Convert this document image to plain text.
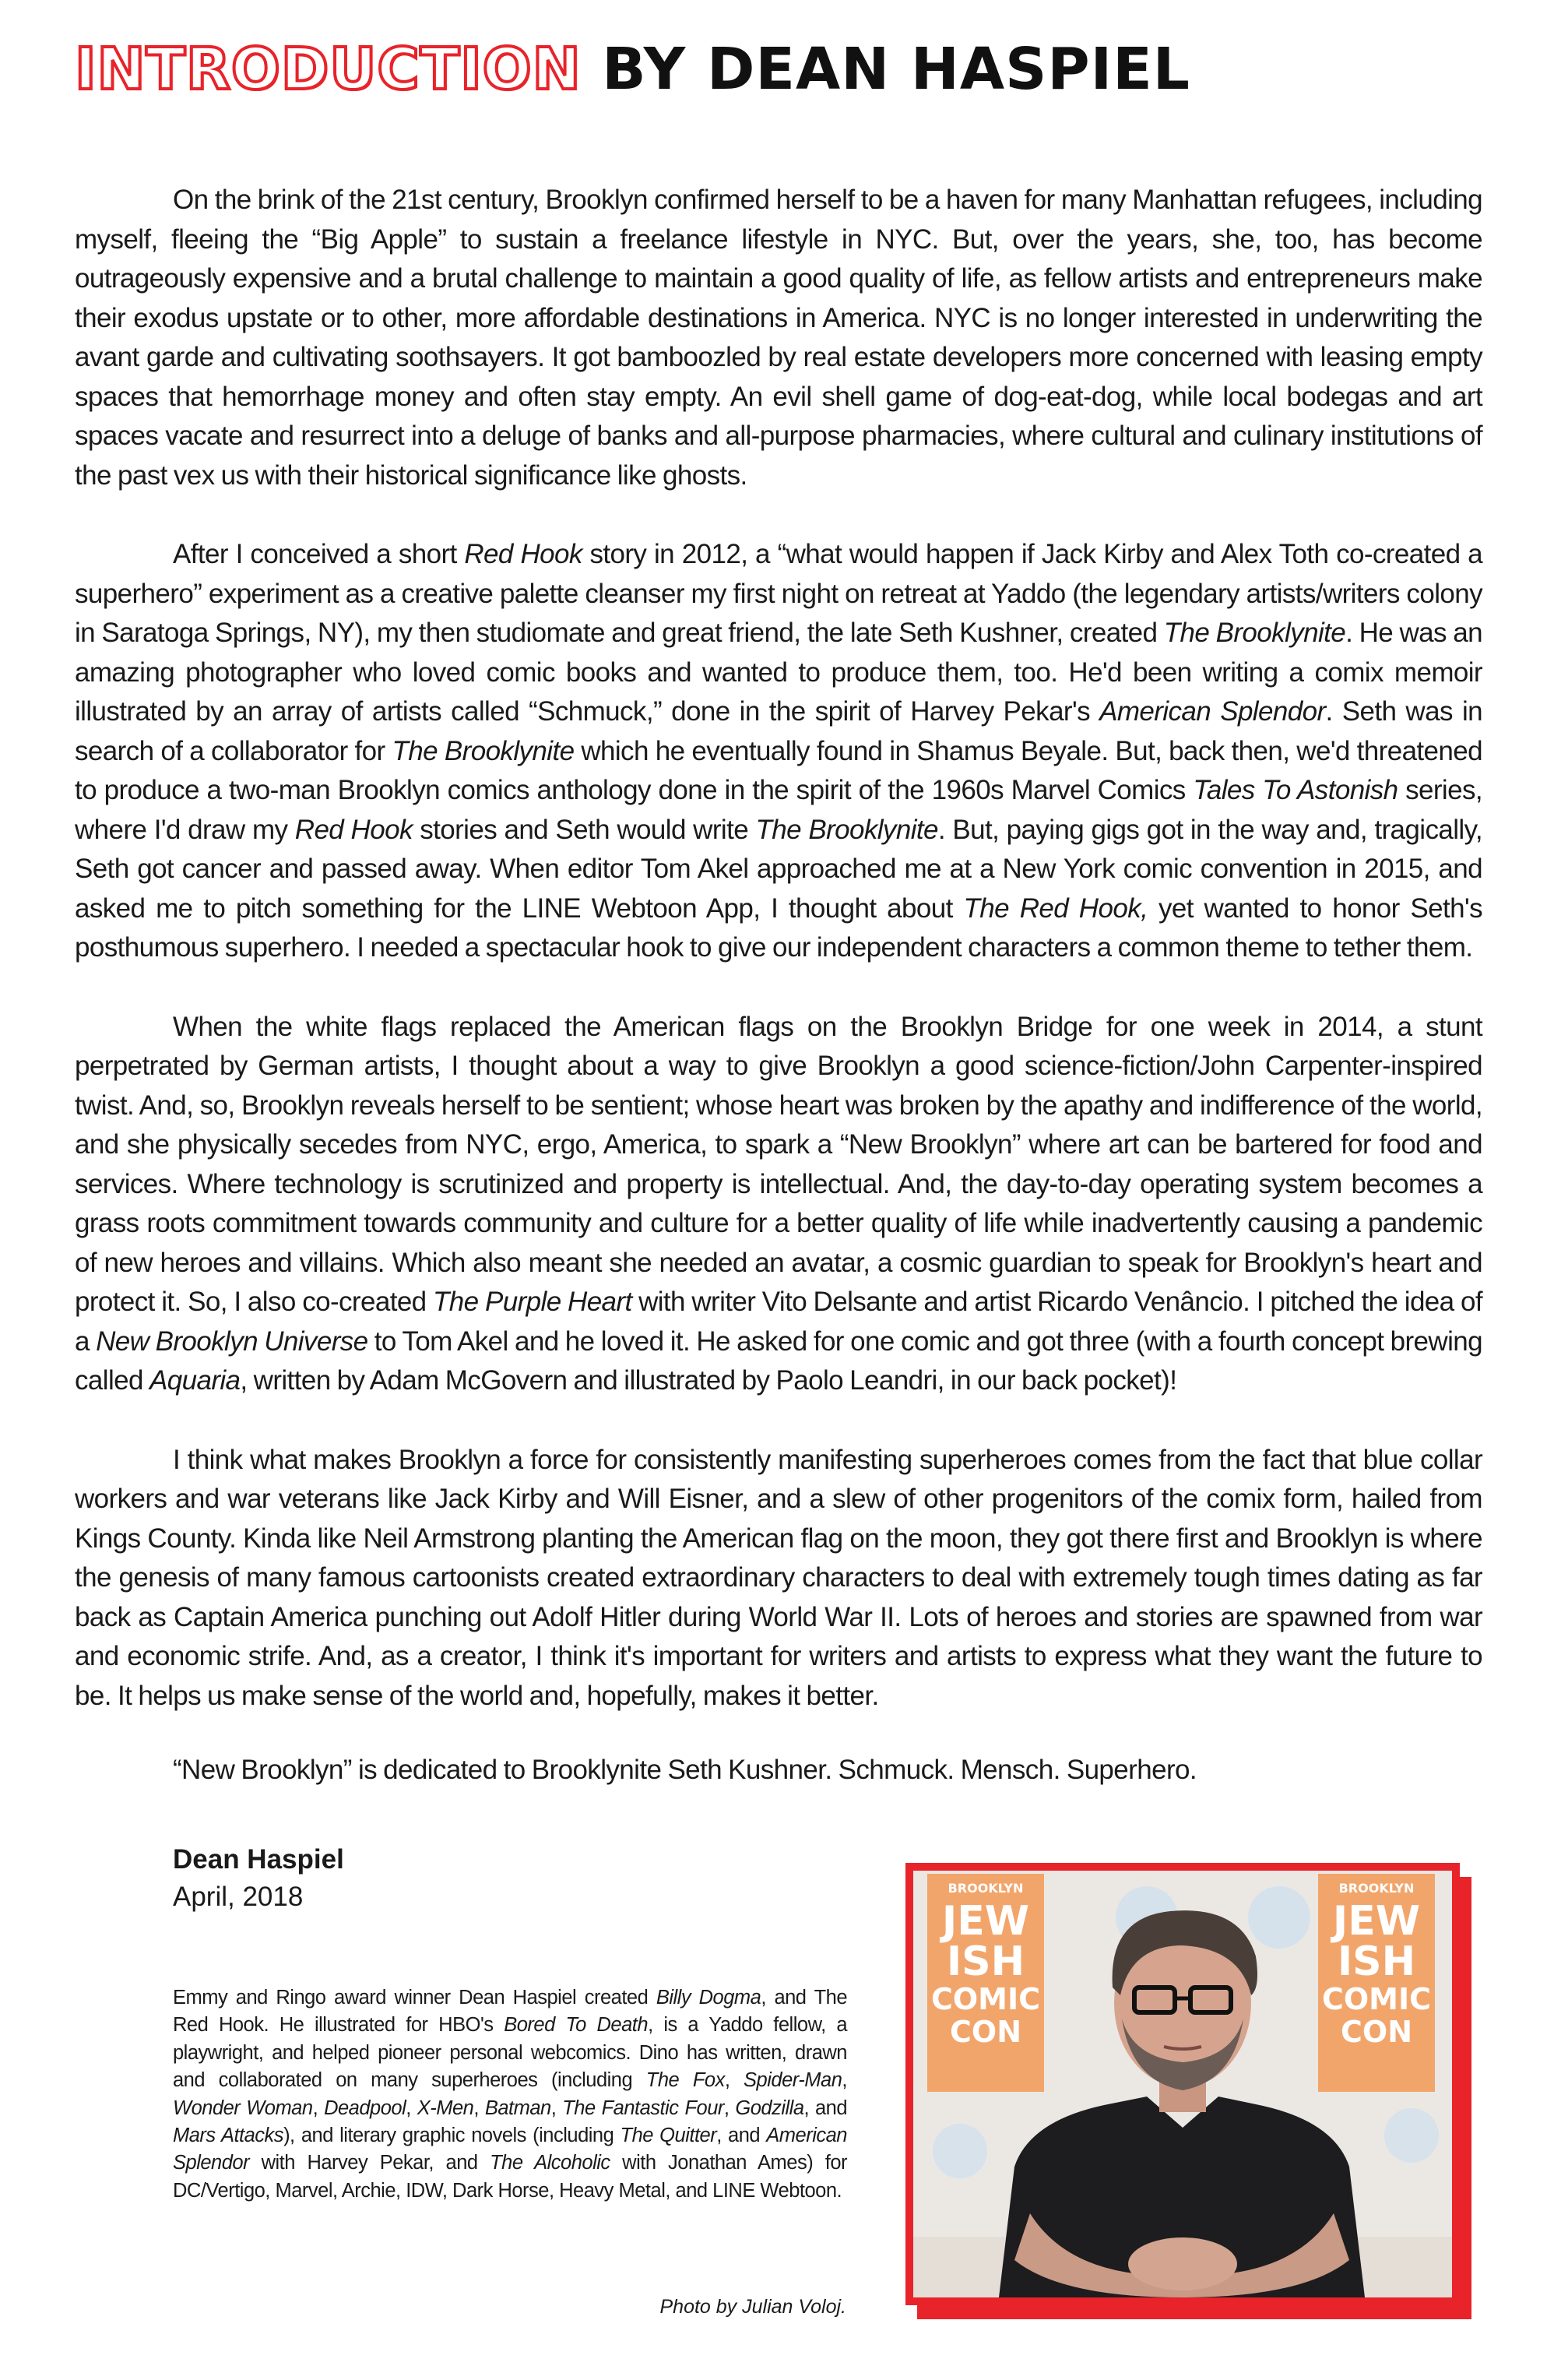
INTRODUCTION BY DEAN HASPIEL

On the brink of the 21st century, Brooklyn confirmed herself to be a haven for many Manhattan refugees, including myself, fleeing the “Big Apple” to sustain a freelance lifestyle in NYC. But, over the years, she, too, has become outrageously expensive and a brutal challenge to maintain a good quality of life, as fellow artists and entrepreneurs make their exodus upstate or to other, more affordable destinations in America. NYC is no longer interested in underwriting the avant garde and cultivating soothsayers. It got bamboozled by real estate developers more concerned with leasing empty spaces that hemorrhage money and often stay empty. An evil shell game of dog-eat-dog, while local bodegas and art spaces vacate and resurrect into a deluge of banks and all-purpose pharmacies, where cultural and culinary institutions of the past vex us with their historical significance like ghosts.

After I conceived a short Red Hook story in 2012, a “what would happen if Jack Kirby and Alex Toth co-created a superhero” experiment as a creative palette cleanser my first night on retreat at Yaddo (the legendary artists/writers colony in Saratoga Springs, NY), my then studiomate and great friend, the late Seth Kushner, created The Brooklynite. He was an amazing photographer who loved comic books and wanted to produce them, too. He'd been writing a comix memoir illustrated by an array of artists called “Schmuck,” done in the spirit of Harvey Pekar's American Splendor. Seth was in search of a collaborator for The Brooklynite which he eventually found in Shamus Beyale. But, back then, we'd threatened to produce a two-man Brooklyn comics anthology done in the spirit of the 1960s Marvel Comics Tales To Astonish series, where I'd draw my Red Hook stories and Seth would write The Brooklynite. But, paying gigs got in the way and, tragically, Seth got cancer and passed away. When editor Tom Akel approached me at a New York comic convention in 2015, and asked me to pitch something for the LINE Webtoon App, I thought about The Red Hook, yet wanted to honor Seth's posthumous superhero. I needed a spectacular hook to give our independent characters a common theme to tether them.

When the white flags replaced the American flags on the Brooklyn Bridge for one week in 2014, a stunt perpetrated by German artists, I thought about a way to give Brooklyn a good science-fiction/John Carpenter-inspired twist. And, so, Brooklyn reveals herself to be sentient; whose heart was broken by the apathy and indifference of the world, and she physically secedes from NYC, ergo, America, to spark a “New Brooklyn” where art can be bartered for food and services. Where technology is scrutinized and property is intellectual. And, the day-to-day operating system becomes a grass roots commitment towards community and culture for a better quality of life while inadvertently causing a pandemic of new heroes and villains. Which also meant she needed an avatar, a cosmic guardian to speak for Brooklyn's heart and protect it. So, I also co-created The Purple Heart with writer Vito Delsante and artist Ricardo Venâncio. I pitched the idea of a New Brooklyn Universe to Tom Akel and he loved it. He asked for one comic and got three (with a fourth concept brewing called Aquaria, written by Adam McGovern and illustrated by Paolo Leandri, in our back pocket)!

I think what makes Brooklyn a force for consistently manifesting superheroes comes from the fact that blue collar workers and war veterans like Jack Kirby and Will Eisner, and a slew of other progenitors of the comix form, hailed from Kings County. Kinda like Neil Armstrong planting the American flag on the moon, they got there first and Brooklyn is where the genesis of many famous cartoonists created extraordinary characters to deal with extremely tough times dating as far back as Captain America punching out Adolf Hitler during World War II. Lots of heroes and stories are spawned from war and economic strife. And, as a creator, I think it's important for writers and artists to express what they want the future to be. It helps us make sense of the world and, hopefully, makes it better.

“New Brooklyn” is dedicated to Brooklynite Seth Kushner. Schmuck. Mensch. Superhero.

Dean Haspiel
April, 2018
Emmy and Ringo award winner Dean Haspiel created Billy Dogma, and The Red Hook. He illustrated for HBO's Bored To Death, is a Yaddo fellow, a playwright, and helped pioneer personal webcomics. Dino has written, drawn and collaborated on many superheroes (including The Fox, Spider-Man, Wonder Woman, Deadpool, X-Men, Batman, The Fantastic Four, Godzilla, and Mars Attacks), and literary graphic novels (including The Quitter, and American Splendor with Harvey Pekar, and The Alcoholic with Jonathan Ames) for DC/Vertigo, Marvel, Archie, IDW, Dark Horse, Heavy Metal, and LINE Webtoon.
Photo by Julian Voloj.
BROOKLYN
JEW
ISH
COMIC
CON
BROOKLYN
JEW
ISH
COMIC
CON
